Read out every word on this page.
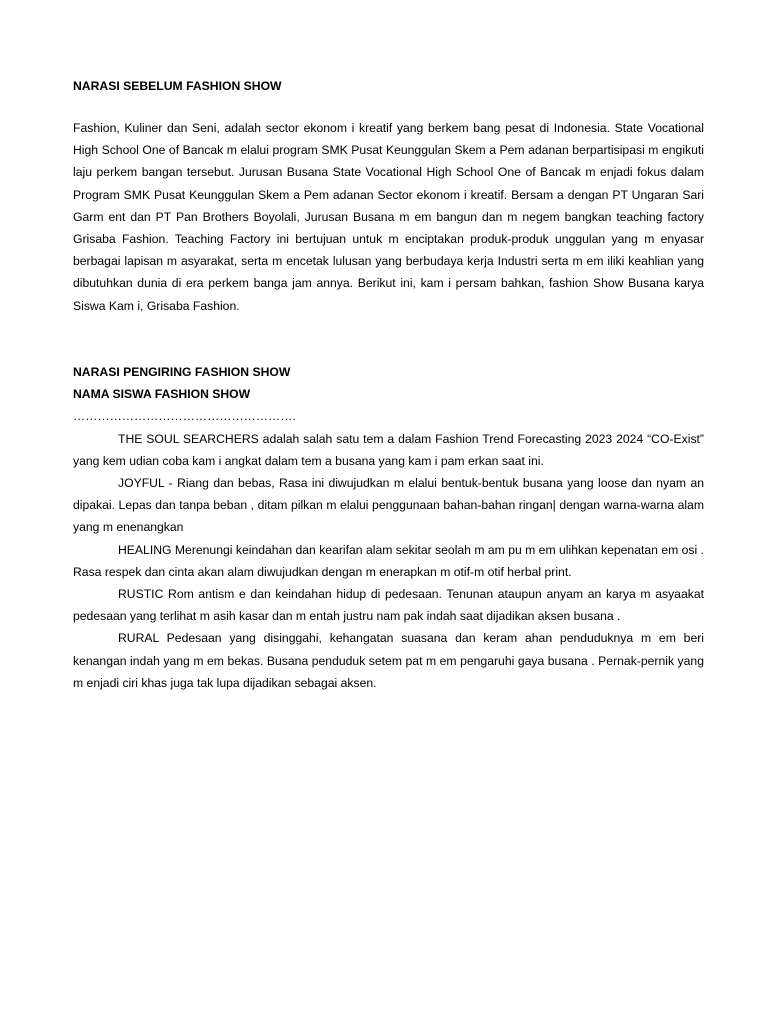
NARASI SEBELUM FASHION SHOW

Fashion, Kuliner dan Seni, adalah sector ekonom i kreatif yang berkem bang pesat di Indonesia. State Vocational High School One of Bancak m elalui program SMK Pusat Keunggulan Skem a Pem adanan berpartisipasi m engikuti laju perkem bangan tersebut. Jurusan Busana State Vocational High School One of Bancak m enjadi fokus dalam Program SMK Pusat Keunggulan Skem a Pem adanan Sector ekonom i kreatif. Bersam a dengan PT Ungaran Sari Garm ent dan PT Pan Brothers Boyolali, Jurusan Busana m em bangun dan m negem bangkan teaching factory Grisaba Fashion. Teaching Factory ini bertujuan untuk m enciptakan produk-produk unggulan yang m enyasar berbagai lapisan m asyarakat, serta m encetak lulusan yang berbudaya kerja Industri serta m em iliki keahlian yang dibutuhkan dunia di era perkem banga jam annya. Berikut ini, kam i persam bahkan, fashion Show Busana karya Siswa Kam i, Grisaba Fashion.

NARASI PENGIRING FASHION SHOW

NAMA SISWA FASHION SHOW

……………………………………………….

THE SOUL SEARCHERS adalah salah satu tem a dalam Fashion Trend Forecasting 2023 2024 “CO-Exist” yang kem udian coba kam i angkat dalam tem a busana yang kam i pam erkan saat ini.

JOYFUL - Riang dan bebas, Rasa ini diwujudkan m elalui bentuk-bentuk busana yang loose dan nyam an dipakai. Lepas dan tanpa beban , ditam pilkan m elalui penggunaan bahan-bahan ringan| dengan warna-warna alam yang m enenangkan

HEALING Merenungi keindahan dan kearifan alam sekitar seolah m am pu m em ulihkan kepenatan em osi . Rasa respek dan cinta akan alam diwujudkan dengan m enerapkan m otif-m otif herbal print.

RUSTIC Rom antism e dan keindahan hidup di pedesaan. Tenunan ataupun anyam an karya m asyaakat pedesaan yang terlihat m asih kasar dan m entah justru nam pak indah saat dijadikan aksen busana .

RURAL Pedesaan yang disinggahi, kehangatan suasana dan keram ahan penduduknya m em beri kenangan indah yang m em bekas. Busana penduduk setem pat m em pengaruhi gaya busana . Pernak-pernik yang m enjadi ciri khas juga tak lupa dijadikan sebagai aksen.
